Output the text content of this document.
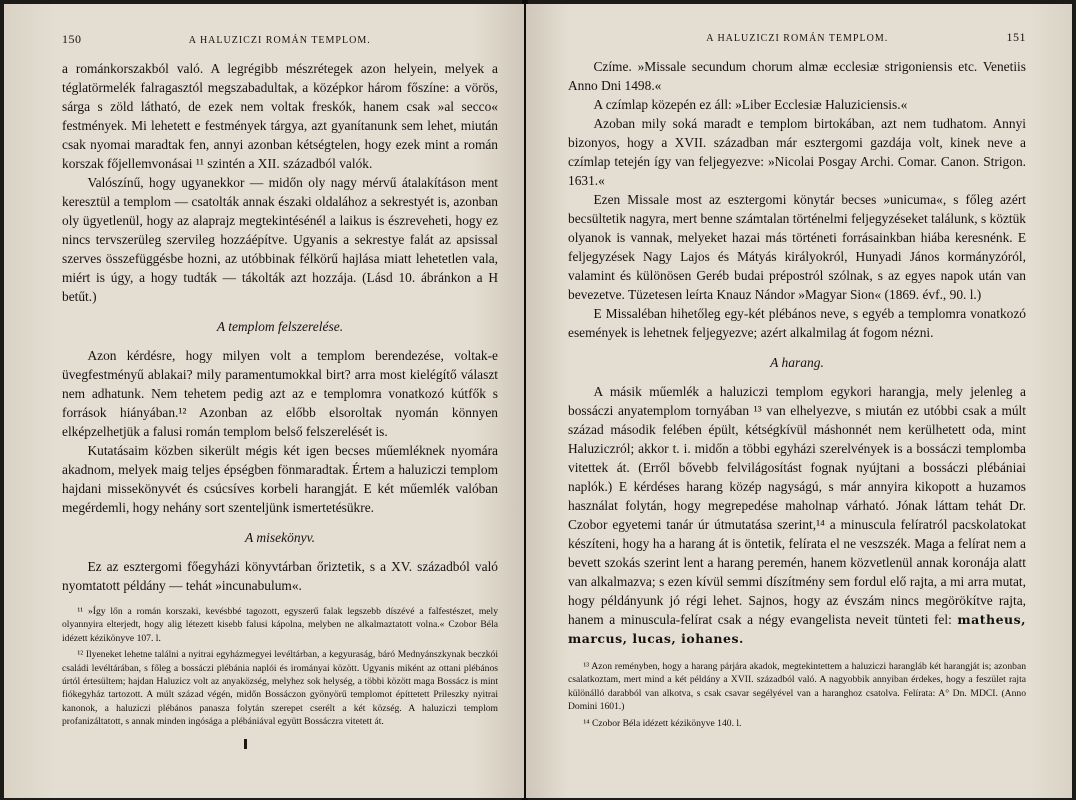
150	A HALUZICZI ROMÁN TEMPLOM.

a románkorszakból való. A legrégibb mészrétegek azon helyein, melyek a téglatörmelék falragasztól megszabadultak, a középkor három főszíne: a vörös, sárga s zöld látható, de ezek nem voltak freskók, hanem csak »al secco« festmények. Mi lehetett e festmények tárgya, azt gyanítanunk sem lehet, miután csak nyomai maradtak fen, annyi azonban kétségtelen, hogy ezek mint a román korszak főjellemvonásai ¹¹ szintén a XII. századból valók.

Valószínű, hogy ugyanekkor — midőn oly nagy mérvű átalakításon ment keresztül a templom — csatolták annak északi oldalához a sekrestyét is, azonban oly ügyetlenül, hogy az alaprajz megtekintésénél a laikus is észreveheti, hogy ez nincs tervszerüleg szervileg hozzáépítve. Ugyanis a sekrestye falát az apsissal szerves összefüggésbe hozni, az utóbbinak félkörű hajlása miatt lehetetlen vala, miért is úgy, a hogy tudták — tákolták azt hozzája. (Lásd 10. ábránkon a H betűt.)

A templom felszerelése.

Azon kérdésre, hogy milyen volt a templom berendezése, voltak-e üvegfestményű ablakai? mily paramentumokkal birt? arra most kielégítő választ nem adhatunk. Nem tehetem pedig azt az e templomra vonatkozó kútfők s források hiányában.¹² Azonban az előbb elsoroltak nyomán könnyen elképzelhetjük a falusi román templom belső felszerelését is.

Kutatásaim közben sikerült mégis két igen becses műemléknek nyomára akadnom, melyek maig teljes épségben fönmaradtak. Értem a haluziczi templom hajdani missekönyvét és csúcsíves korbeli harangját. E két műemlék valóban megérdemli, hogy nehány sort szenteljünk ismertetésükre.

A misekönyv.

Ez az esztergomi főegyházi könyvtárban őriztetik, s a XV. századból való nyomtatott példány — tehát »incunabulum«.

¹¹ »Így lőn a román korszaki, kevésbbé tagozott, egyszerű falak legszebb díszévé a falfestészet, mely olyannyira elterjedt, hogy alig létezett kisebb falusi kápolna, melyben ne alkalmaztatott volna.« Czobor Béla idézett kézikönyve 107. l.

¹² Ilyeneket lehetne találni a nyitrai egyházmegyei levéltárban, a kegyuraság, báró Mednyánszkynak beczkói családi levéltárában, s főleg a bossáczi plébánia naplói és irományai között. Ugyanis miként az ottani plébános úrtól értesültem; hajdan Haluzicz volt az anyaközség, melyhez sok helység, a többi között maga Bossácz is mint fiókegyház tartozott. A múlt század végén, midőn Bossáczon gyönyörű templomot építtetett Prileszky nyitrai kanonok, a haluziczi plébános panasza folytán szerepet cserélt a két község. A haluziczi templom profanizáltatott, s annak minden ingósága a plébániával együtt Bossáczra vitetett át.

A HALUZICZI ROMÁN TEMPLOM.	151

Czíme. »Missale secundum chorum almæ ecclesiæ strigoniensis etc. Venetiis Anno Dni 1498.«

A czímlap közepén ez áll: »Liber Ecclesiæ Haluziciensis.«

Azoban mily soká maradt e templom birtokában, azt nem tudhatom. Annyi bizonyos, hogy a XVII. században már esztergomi gazdája volt, kinek neve a czímlap tetején így van feljegyezve: »Nicolai Posgay Archi. Comar. Canon. Strigon. 1631.«

Ezen Missale most az esztergomi könytár becses »unicuma«, s főleg azért becsültetik nagyra, mert benne számtalan történelmi feljegyzéseket találunk, s köztük olyanok is vannak, melyeket hazai más történeti forrásainkban hiába keresnénk. E feljegyzések Nagy Lajos és Mátyás királyokról, Hunyadi János kormányzóról, valamint és különösen Geréb budai prépostról szólnak, s az egyes napok után van bevezetve. Tüzetesen leírta Knauz Nándor »Magyar Sion« (1869. évf., 90. l.)

E Missaléban hihetőleg egy-két plébános neve, s egyéb a templomra vonatkozó események is lehetnek feljegyezve; azért alkalmilag át fogom nézni.

A harang.

A másik műemlék a haluziczi templom egykori harangja, mely jelenleg a bossáczi anyatemplom tornyában ¹³ van elhelyezve, s miután ez utóbbi csak a múlt század második felében épült, kétségkívül máshonnét nem kerülhetett oda, mint Haluziczról; akkor t. i. midőn a többi egyházi szerelvények is a bossáczi templomba vitettek át. (Erről bővebb felvilágosítást fognak nyújtani a bossáczi plébániai naplók.) E kérdéses harang közép nagyságú, s már annyira kikopott a huzamos használat folytán, hogy megrepedése maholnap várható. Jónak láttam tehát Dr. Czobor egyetemi tanár úr útmutatása szerint,¹⁴ a minuscula felíratról pacskolatokat készíteni, hogy ha a harang át is öntetik, felírata el ne veszszék. Maga a felírat nem a bevett szokás szerint lent a harang peremén, hanem közvetlenül annak koronája alatt van alkalmazva; s ezen kívül semmi díszítmény sem fordul elő rajta, a mi arra mutat, hogy példányunk jó régi lehet. Sajnos, hogy az évszám nincs megörökítve rajta, hanem a minuscula-felírat csak a négy evangelista neveit tünteti fel: matheus, marcus, lucas, iohanes.

¹³ Azon reményben, hogy a harang párjára akadok, megtekintettem a haluziczi harangláb két harangját is; azonban csalatkoztam, mert mind a két példány a XVII. századból való. A nagyobbik annyiban érdekes, hogy a feszület rajta különálló darabból van alkotva, s csak csavar segélyével van a haranghoz csatolva. Felírata: A° Dn. MDCI. (Anno Domini 1601.)

¹⁴ Czobor Béla idézett kézikönyve 140. l.
